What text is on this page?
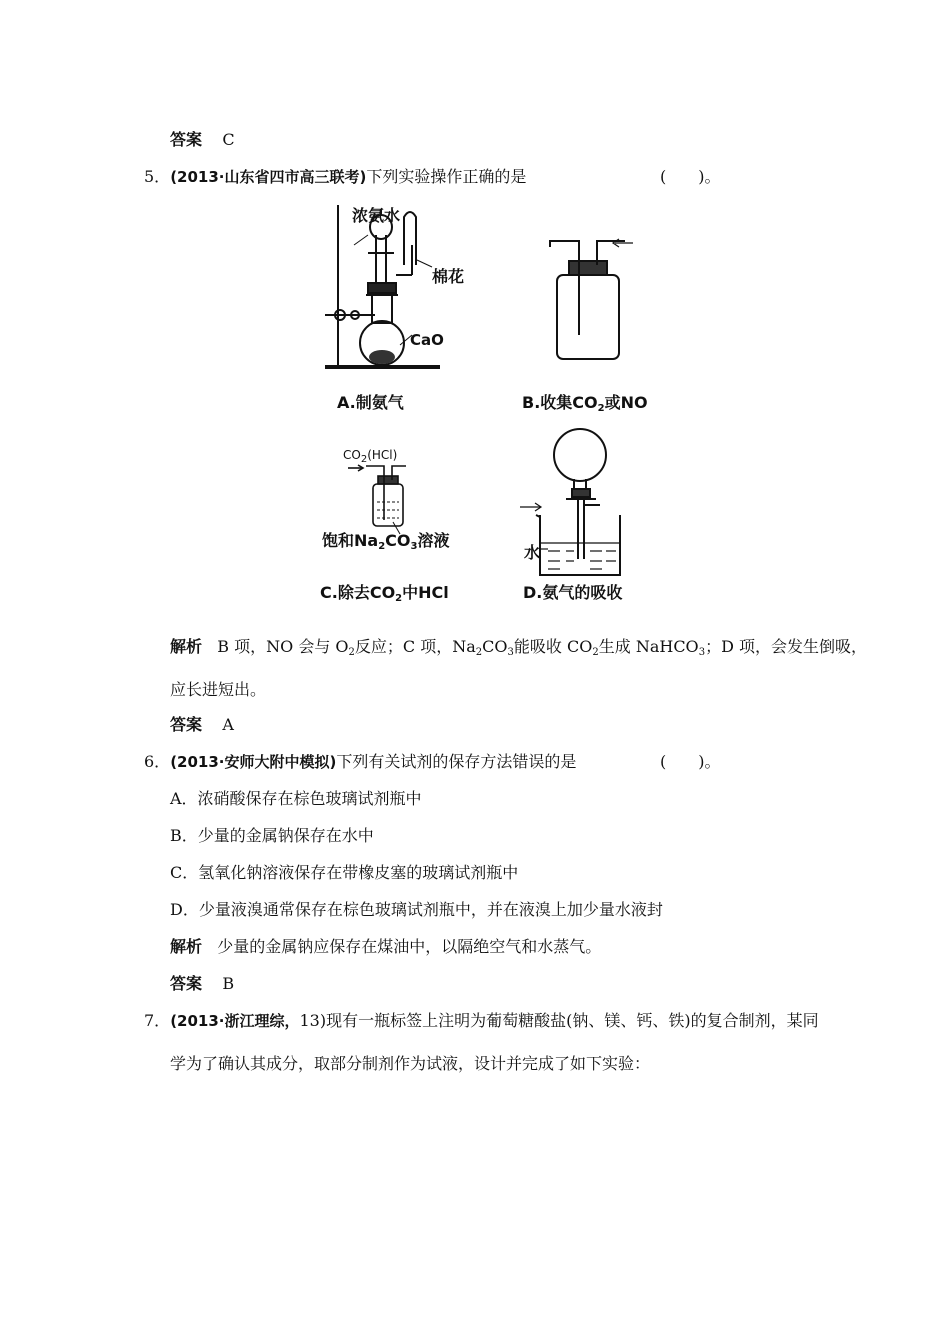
答案 C
5．(2013·山东省四市高三联考)下列实验操作正确的是	(　　)。
浓氨水
棉花
CaO
A.制氨气	B.收集$CO_2$或NO
$CO_2(HCl)$
饱和$Na_2CO_3$溶液
C.除去$CO_2$中HCl
水
D.氨气的吸收
解析 B 项，NO 会与 $O_2$反应；C 项，$Na_2CO_3$能吸收 $CO_2$生成 NaHCO$_3$；D 项，会发生倒吸，
应长进短出。
答案 A
6．(2013·安师大附中模拟)下列有关试剂的保存方法错误的是	(　　)。
A．浓硝酸保存在棕色玻璃试剂瓶中
B．少量的金属钠保存在水中
C．氢氧化钠溶液保存在带橡皮塞的玻璃试剂瓶中
D．少量液溴通常保存在棕色玻璃试剂瓶中，并在液溴上加少量水液封
解析 少量的金属钠应保存在煤油中，以隔绝空气和水蒸气。
答案 B
7．(2013·浙江理综，13)现有一瓶标签上注明为葡萄糖酸盐(钠、镁、钙、铁)的复合制剂，某同
学为了确认其成分，取部分制剂作为试液，设计并完成了如下实验：
